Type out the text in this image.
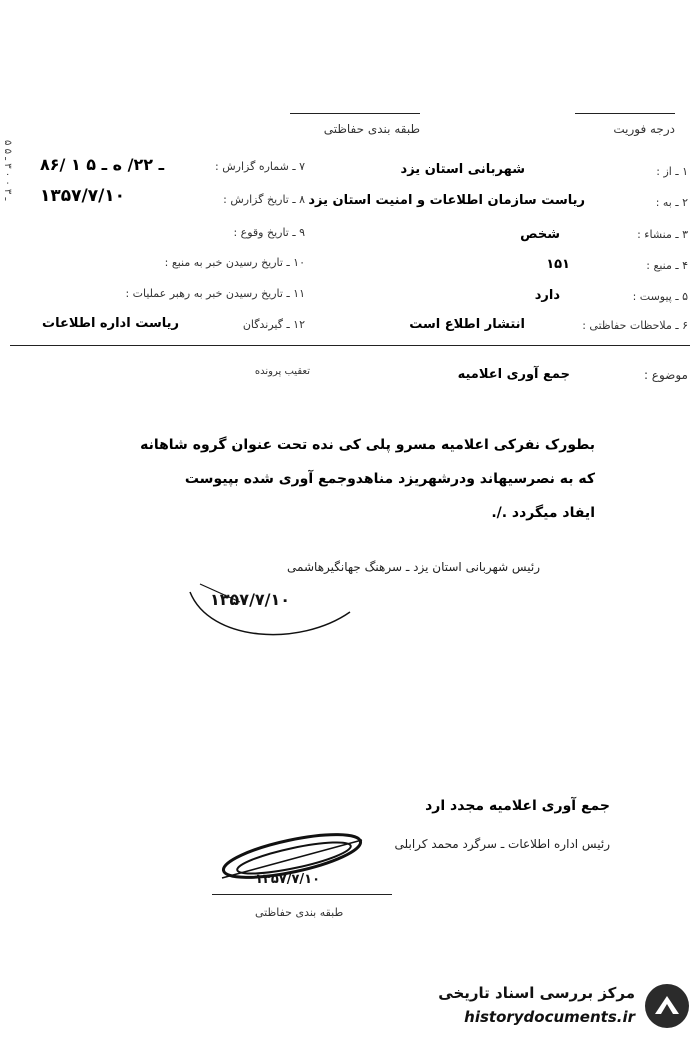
طبقه بندی حفاظتی	درجه فوریت
۵ ـ ۳ ۰ ۰ ۳ ـ ۵
۱ ـ از :
شهربانی استان یزد
۲ ـ به :
ریاست سازمان اطلاعات و امنیت استان یزد
۳ ـ منشاء :
شخص
۴ ـ منبع :
۱۵۱
۵ ـ پیوست :
دارد
۶ ـ ملاحظات حفاظتی :
انتشار اطلاع است
۷ ـ شماره گزارش :
۸۶/ ۱ ـ ۲۲/ ه ـ ۵
۸ ـ تاریخ گزارش :
۱۳۵۷/۷/۱۰
۹ ـ تاریخ وقوع :
۱۰ ـ تاریخ رسیدن خبر به منبع :
۱۱ ـ تاریخ رسیدن خبر به رهبر عملیات :
۱۲ ـ گیرندگان
ریاست اداره اطلاعات
موضوع :
جمع آوری اعلامیه
تعقیب پرونده
بطورک نفرکی اعلامیه مسرو پلی کی نده تحت عنوان گروه شاهانه
که به نصرسیهاند ودرشهریزد مناهدوجمع آوری شده بپیوست
ایفاد میگردد ./.
رئیس شهربانی استان یزد ـ سرهنگ جهانگیرهاشمی
۱۳۵۷/۷/۱۰
جمع آوری اعلامیه مجدد ارد
رئیس اداره اطلاعات ـ سرگرد محمد کرابلی
۱۳۵۷/۷/۱۰
طبقه بندی حفاظتی
مرکز بررسی اسناد تاریخی
historydocuments.ir
